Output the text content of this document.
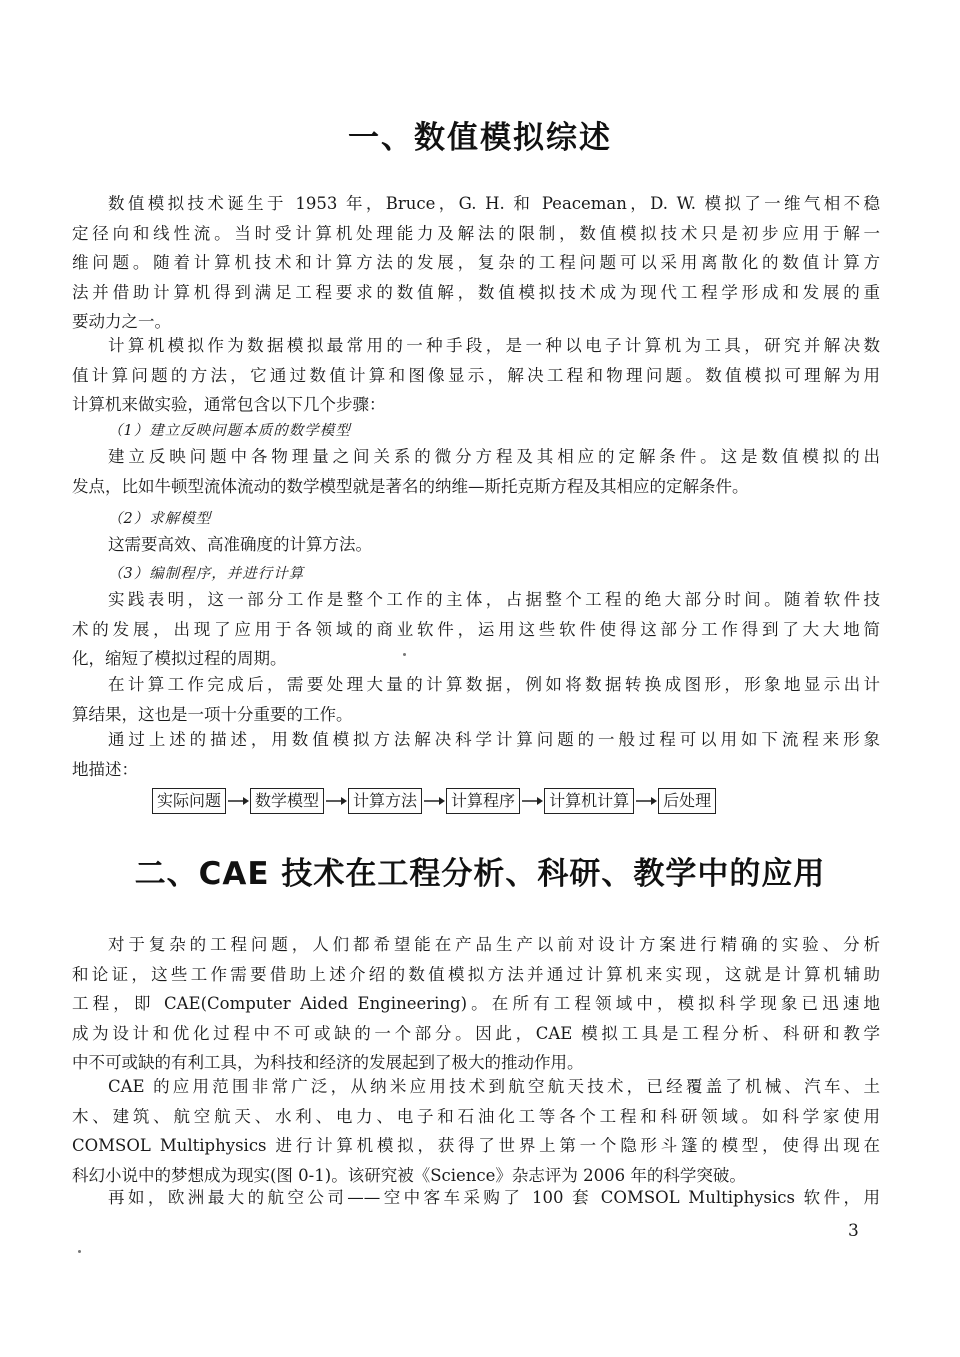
一、数值模拟综述
数值模拟技术诞生于 1953 年，Bruce，G. H. 和 Peaceman，D. W. 模拟了一维气相不稳
定径向和线性流。当时受计算机处理能力及解法的限制，数值模拟技术只是初步应用于解一
维问题。随着计算机技术和计算方法的发展，复杂的工程问题可以采用离散化的数值计算方
法并借助计算机得到满足工程要求的数值解，数值模拟技术成为现代工程学形成和发展的重
要动力之一。
计算机模拟作为数据模拟最常用的一种手段，是一种以电子计算机为工具，研究并解决数
值计算问题的方法，它通过数值计算和图像显示，解决工程和物理问题。数值模拟可理解为用
计算机来做实验，通常包含以下几个步骤：
（1）建立反映问题本质的数学模型
建立反映问题中各物理量之间关系的微分方程及其相应的定解条件。这是数值模拟的出
发点，比如牛顿型流体流动的数学模型就是著名的纳维—斯托克斯方程及其相应的定解条件。
（2）求解模型
这需要高效、高准确度的计算方法。
（3）编制程序，并进行计算
实践表明，这一部分工作是整个工作的主体，占据整个工程的绝大部分时间。随着软件技
术的发展，出现了应用于各领域的商业软件，运用这些软件使得这部分工作得到了大大地简
化，缩短了模拟过程的周期。
在计算工作完成后，需要处理大量的计算数据，例如将数据转换成图形，形象地显示出计
算结果，这也是一项十分重要的工作。
通过上述的描述，用数值模拟方法解决科学计算问题的一般过程可以用如下流程来形象
地描述：
实际问题	数学模型	计算方法	计算程序	计算机计算	后处理
二、CAE 技术在工程分析、科研、教学中的应用
对于复杂的工程问题，人们都希望能在产品生产以前对设计方案进行精确的实验、分析
和论证，这些工作需要借助上述介绍的数值模拟方法并通过计算机来实现，这就是计算机辅助
工程，即 CAE(Computer Aided Engineering)。在所有工程领域中，模拟科学现象已迅速地
成为设计和优化过程中不可或缺的一个部分。因此，CAE 模拟工具是工程分析、科研和教学
中不可或缺的有利工具，为科技和经济的发展起到了极大的推动作用。
CAE 的应用范围非常广泛，从纳米应用技术到航空航天技术，已经覆盖了机械、汽车、土
木、建筑、航空航天、水利、电力、电子和石油化工等各个工程和科研领域。如科学家使用
COMSOL Multiphysics 进行计算机模拟，获得了世界上第一个隐形斗篷的模型，使得出现在
科幻小说中的梦想成为现实(图 0-1)。该研究被《Science》杂志评为 2006 年的科学突破。
再如，欧洲最大的航空公司——空中客车采购了 100 套 COMSOL Multiphysics 软件，用
3
